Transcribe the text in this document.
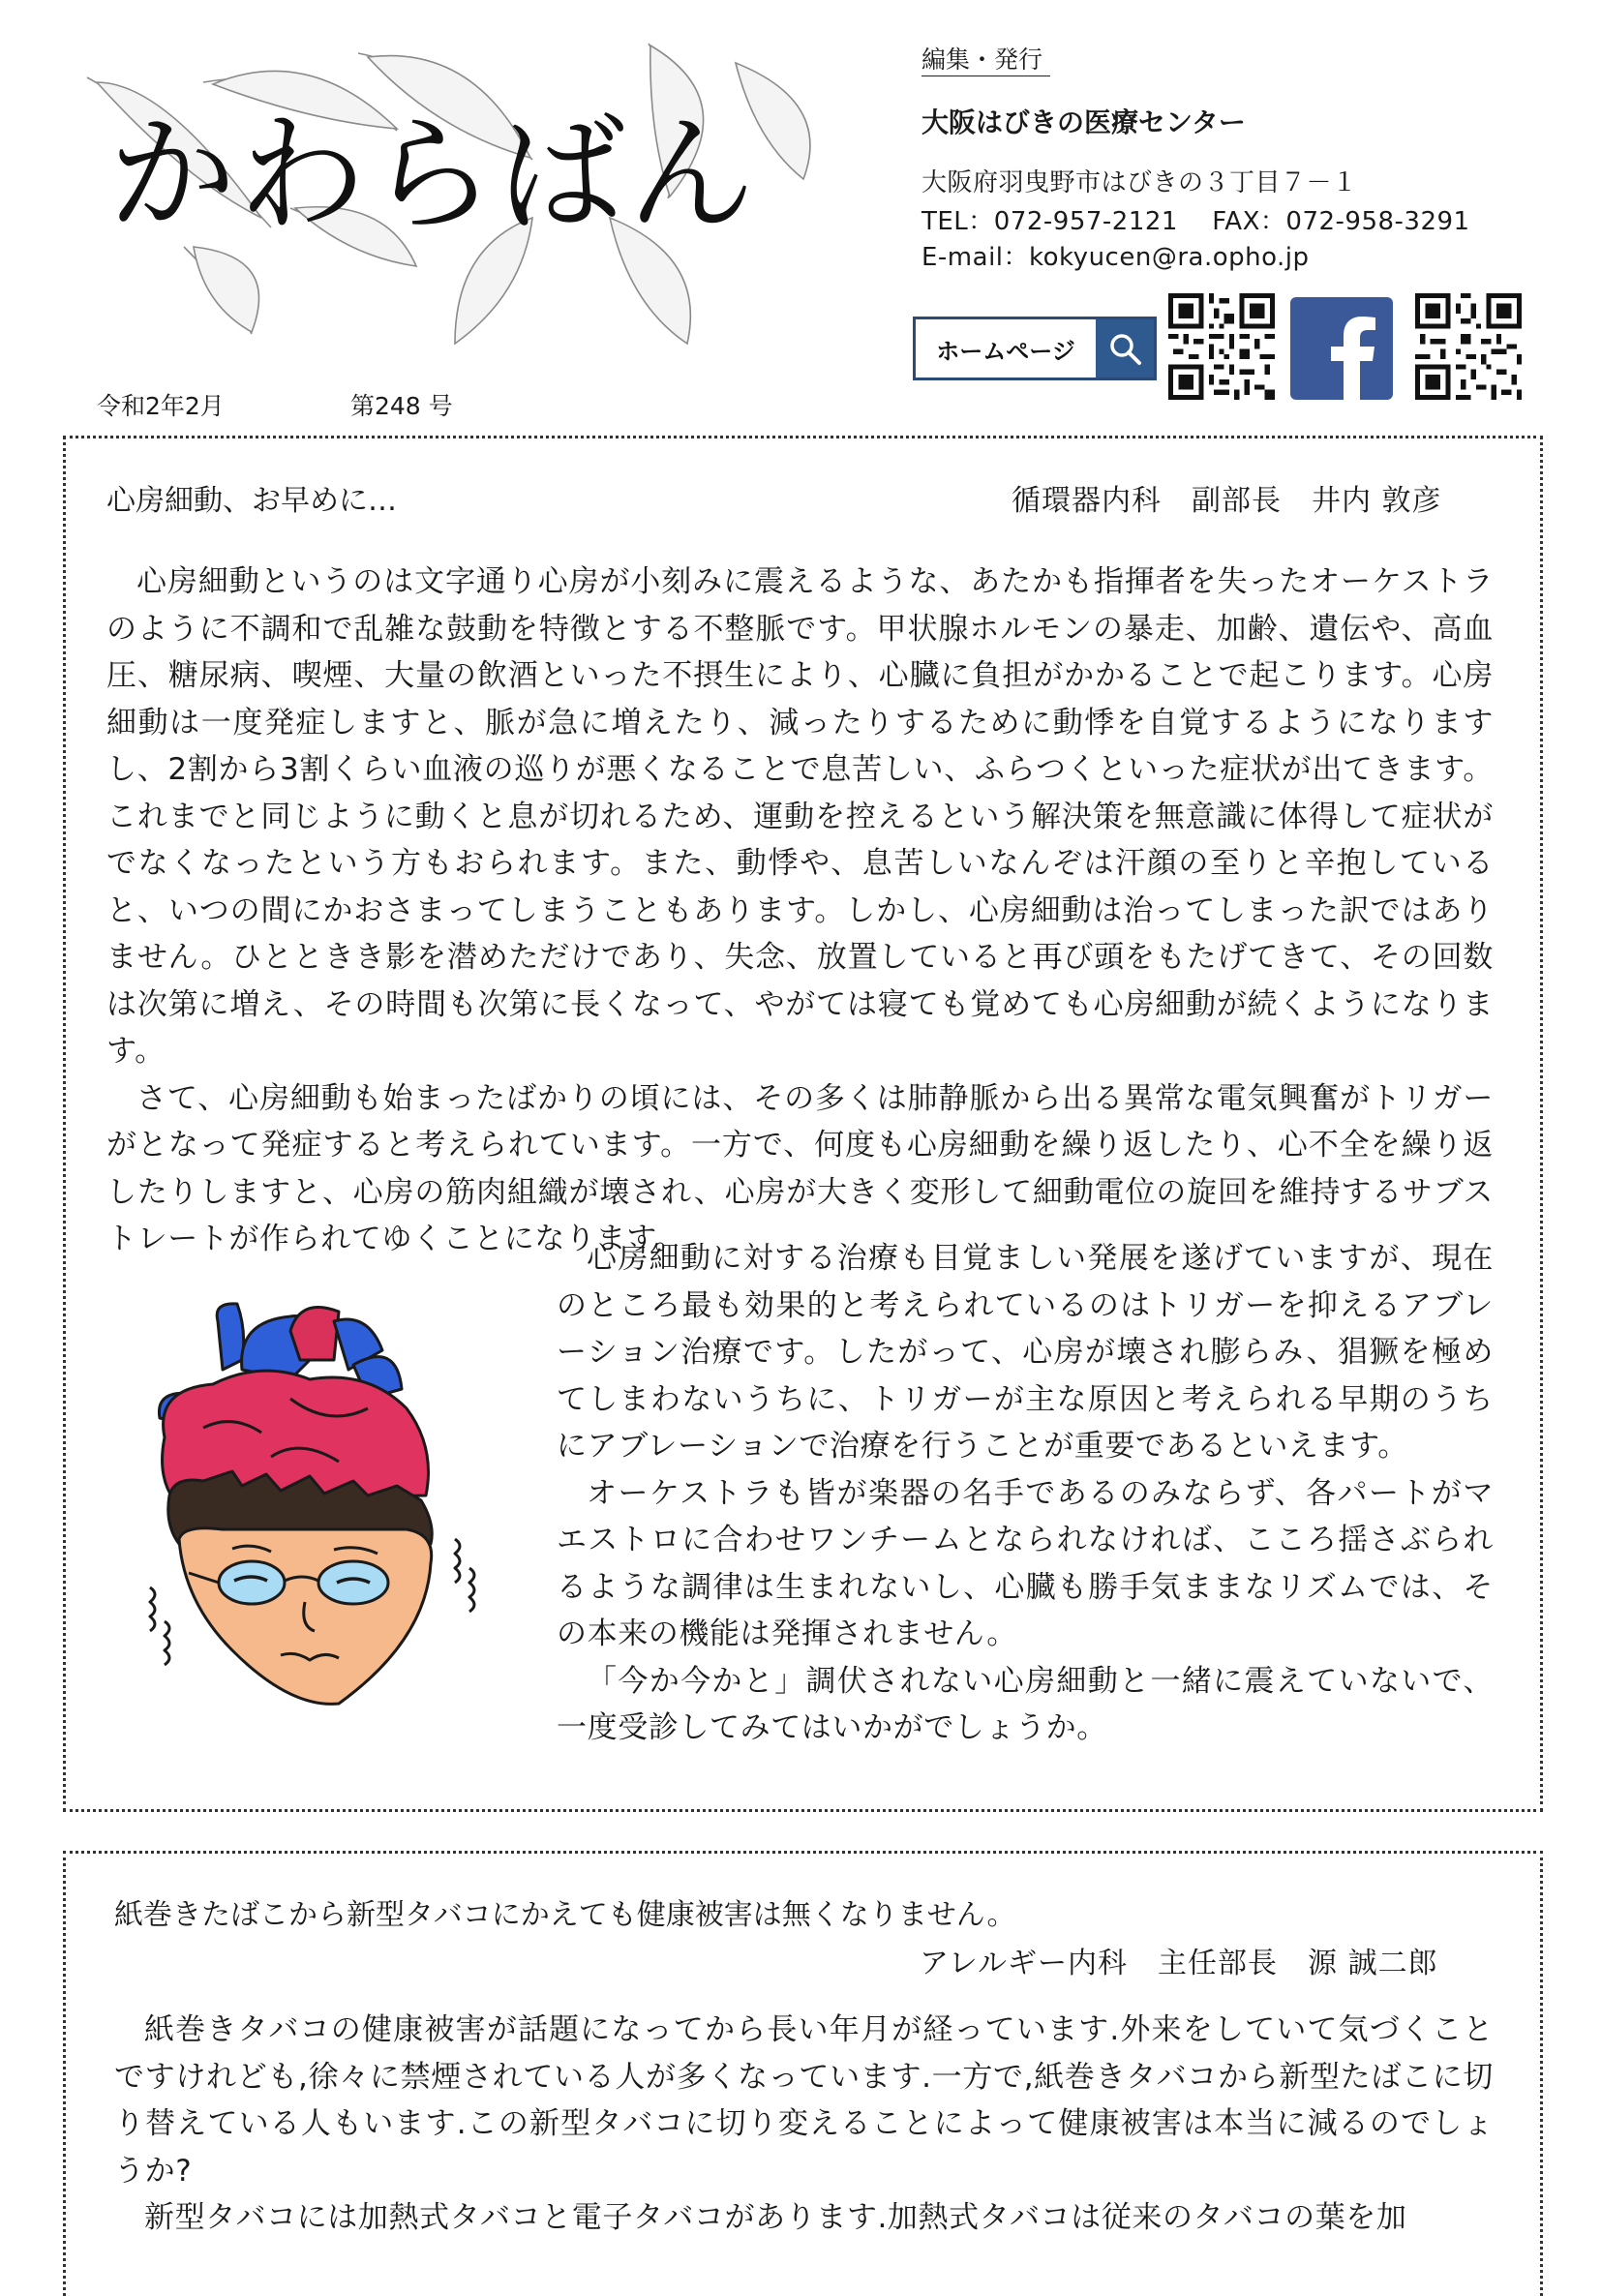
かわらばん
令和2年2月	第248 号
編集・発行
大阪はびきの医療センター
大阪府羽曳野市はびきの３丁目７－１
TEL：072-957-2121　 FAX：072-958-3291
E-mail：kokyucen@ra.opho.jp
ホームページ
心房細動、お早めに…	循環器内科　副部長　井内 敦彦

心房細動というのは文字通り心房が小刻みに震えるような、あたかも指揮者を失ったオーケストラのように不調和で乱雑な鼓動を特徴とする不整脈です。甲状腺ホルモンの暴走、加齢、遺伝や、高血圧、糖尿病、喫煙、大量の飲酒といった不摂生により、心臓に負担がかかることで起こります。心房細動は一度発症しますと、脈が急に増えたり、減ったりするために動悸を自覚するようになりますし、2割から3割くらい血液の巡りが悪くなることで息苦しい、ふらつくといった症状が出てきます。これまでと同じように動くと息が切れるため、運動を控えるという解決策を無意識に体得して症状がでなくなったという方もおられます。また、動悸や、息苦しいなんぞは汗顔の至りと辛抱していると、いつの間にかおさまってしまうこともあります。しかし、心房細動は治ってしまった訳ではありません。ひとときき影を潜めただけであり、失念、放置していると再び頭をもたげてきて、その回数は次第に増え、その時間も次第に長くなって、やがては寝ても覚めても心房細動が続くようになります。

さて、心房細動も始まったばかりの頃には、その多くは肺静脈から出る異常な電気興奮がトリガーがとなって発症すると考えられています。一方で、何度も心房細動を繰り返したり、心不全を繰り返したりしますと、心房の筋肉組織が壊され、心房が大きく変形して細動電位の旋回を維持するサブストレートが作られてゆくことになります。

心房細動に対する治療も目覚ましい発展を遂げていますが、現在のところ最も効果的と考えられているのはトリガーを抑えるアブレーション治療です。したがって、心房が壊され膨らみ、猖獗を極めてしまわないうちに、トリガーが主な原因と考えられる早期のうちにアブレーションで治療を行うことが重要であるといえます。

オーケストラも皆が楽器の名手であるのみならず、各パートがマエストロに合わせワンチームとなられなければ、こころ揺さぶられるような調律は生まれないし、心臓も勝手気ままなリズムでは、その本来の機能は発揮されません。

「今か今かと」調伏されない心房細動と一緒に震えていないで、一度受診してみてはいかがでしょうか。

紙巻きたばこから新型タバコにかえても健康被害は無くなりません。
アレルギー内科　主任部長　源 誠二郎

紙巻きタバコの健康被害が話題になってから長い年月が経っています.外来をしていて気づくことですけれども,徐々に禁煙されている人が多くなっています.一方で,紙巻きタバコから新型たばこに切り替えている人もいます.この新型タバコに切り変えることによって健康被害は本当に減るのでしょうか?

新型タバコには加熱式タバコと電子タバコがあります.加熱式タバコは従来のタバコの葉を加
